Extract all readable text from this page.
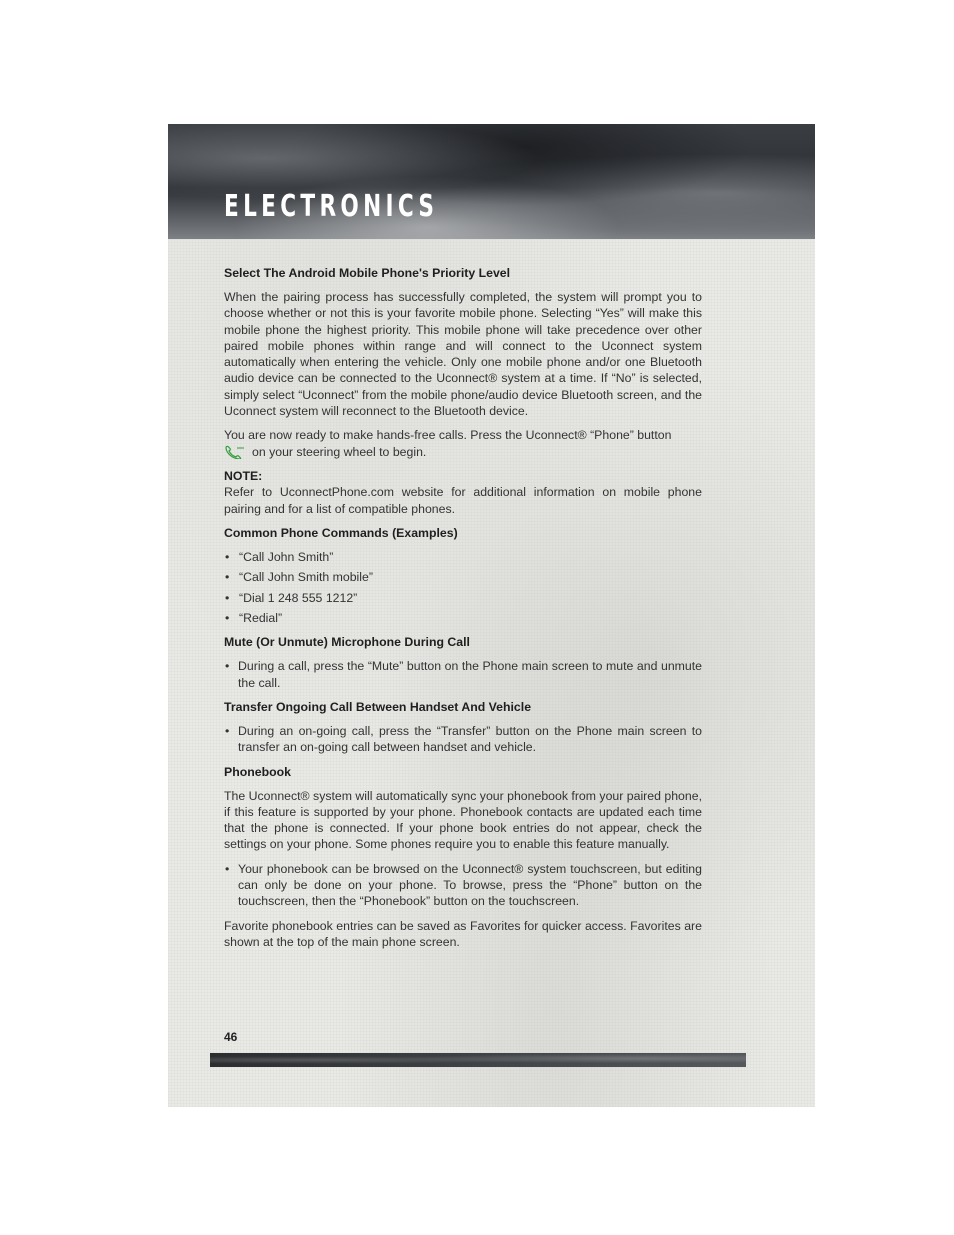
ELECTRONICS
Select The Android Mobile Phone's Priority Level

When the pairing process has successfully completed, the system will prompt you to choose whether or not this is your favorite mobile phone. Selecting “Yes” will make this mobile phone the highest priority. This mobile phone will take precedence over other paired mobile phones within range and will connect to the Uconnect system automatically when entering the vehicle. Only one mobile phone and/or one Bluetooth audio device can be connected to the Uconnect® system at a time. If “No” is selected, simply select “Uconnect” from the mobile phone/audio device Bluetooth screen, and the Uconnect system will reconnect to the Bluetooth device.

You are now ready to make hands-free calls. Press the Uconnect® “Phone” button
on your steering wheel to begin.

NOTE:

Refer to UconnectPhone.com website for additional information on mobile phone pairing and for a list of compatible phones.

Common Phone Commands (Examples)
• “Call John Smith”
• “Call John Smith mobile”
• “Dial 1 248 555 1212”
• “Redial”
Mute (Or Unmute) Microphone During Call
• During a call, press the “Mute” button on the Phone main screen to mute and unmute the call.
Transfer Ongoing Call Between Handset And Vehicle
• During an on-going call, press the “Transfer” button on the Phone main screen to transfer an on-going call between handset and vehicle.
Phonebook

The Uconnect® system will automatically sync your phonebook from your paired phone, if this feature is supported by your phone. Phonebook contacts are updated each time that the phone is connected. If your phone book entries do not appear, check the settings on your phone. Some phones require you to enable this feature manually.

• Your phonebook can be browsed on the Uconnect® system touchscreen, but editing can only be done on your phone. To browse, press the “Phone” button on the touchscreen, then the “Phonebook” button on the touchscreen.

Favorite phonebook entries can be saved as Favorites for quicker access. Favorites are shown at the top of the main phone screen.

46
